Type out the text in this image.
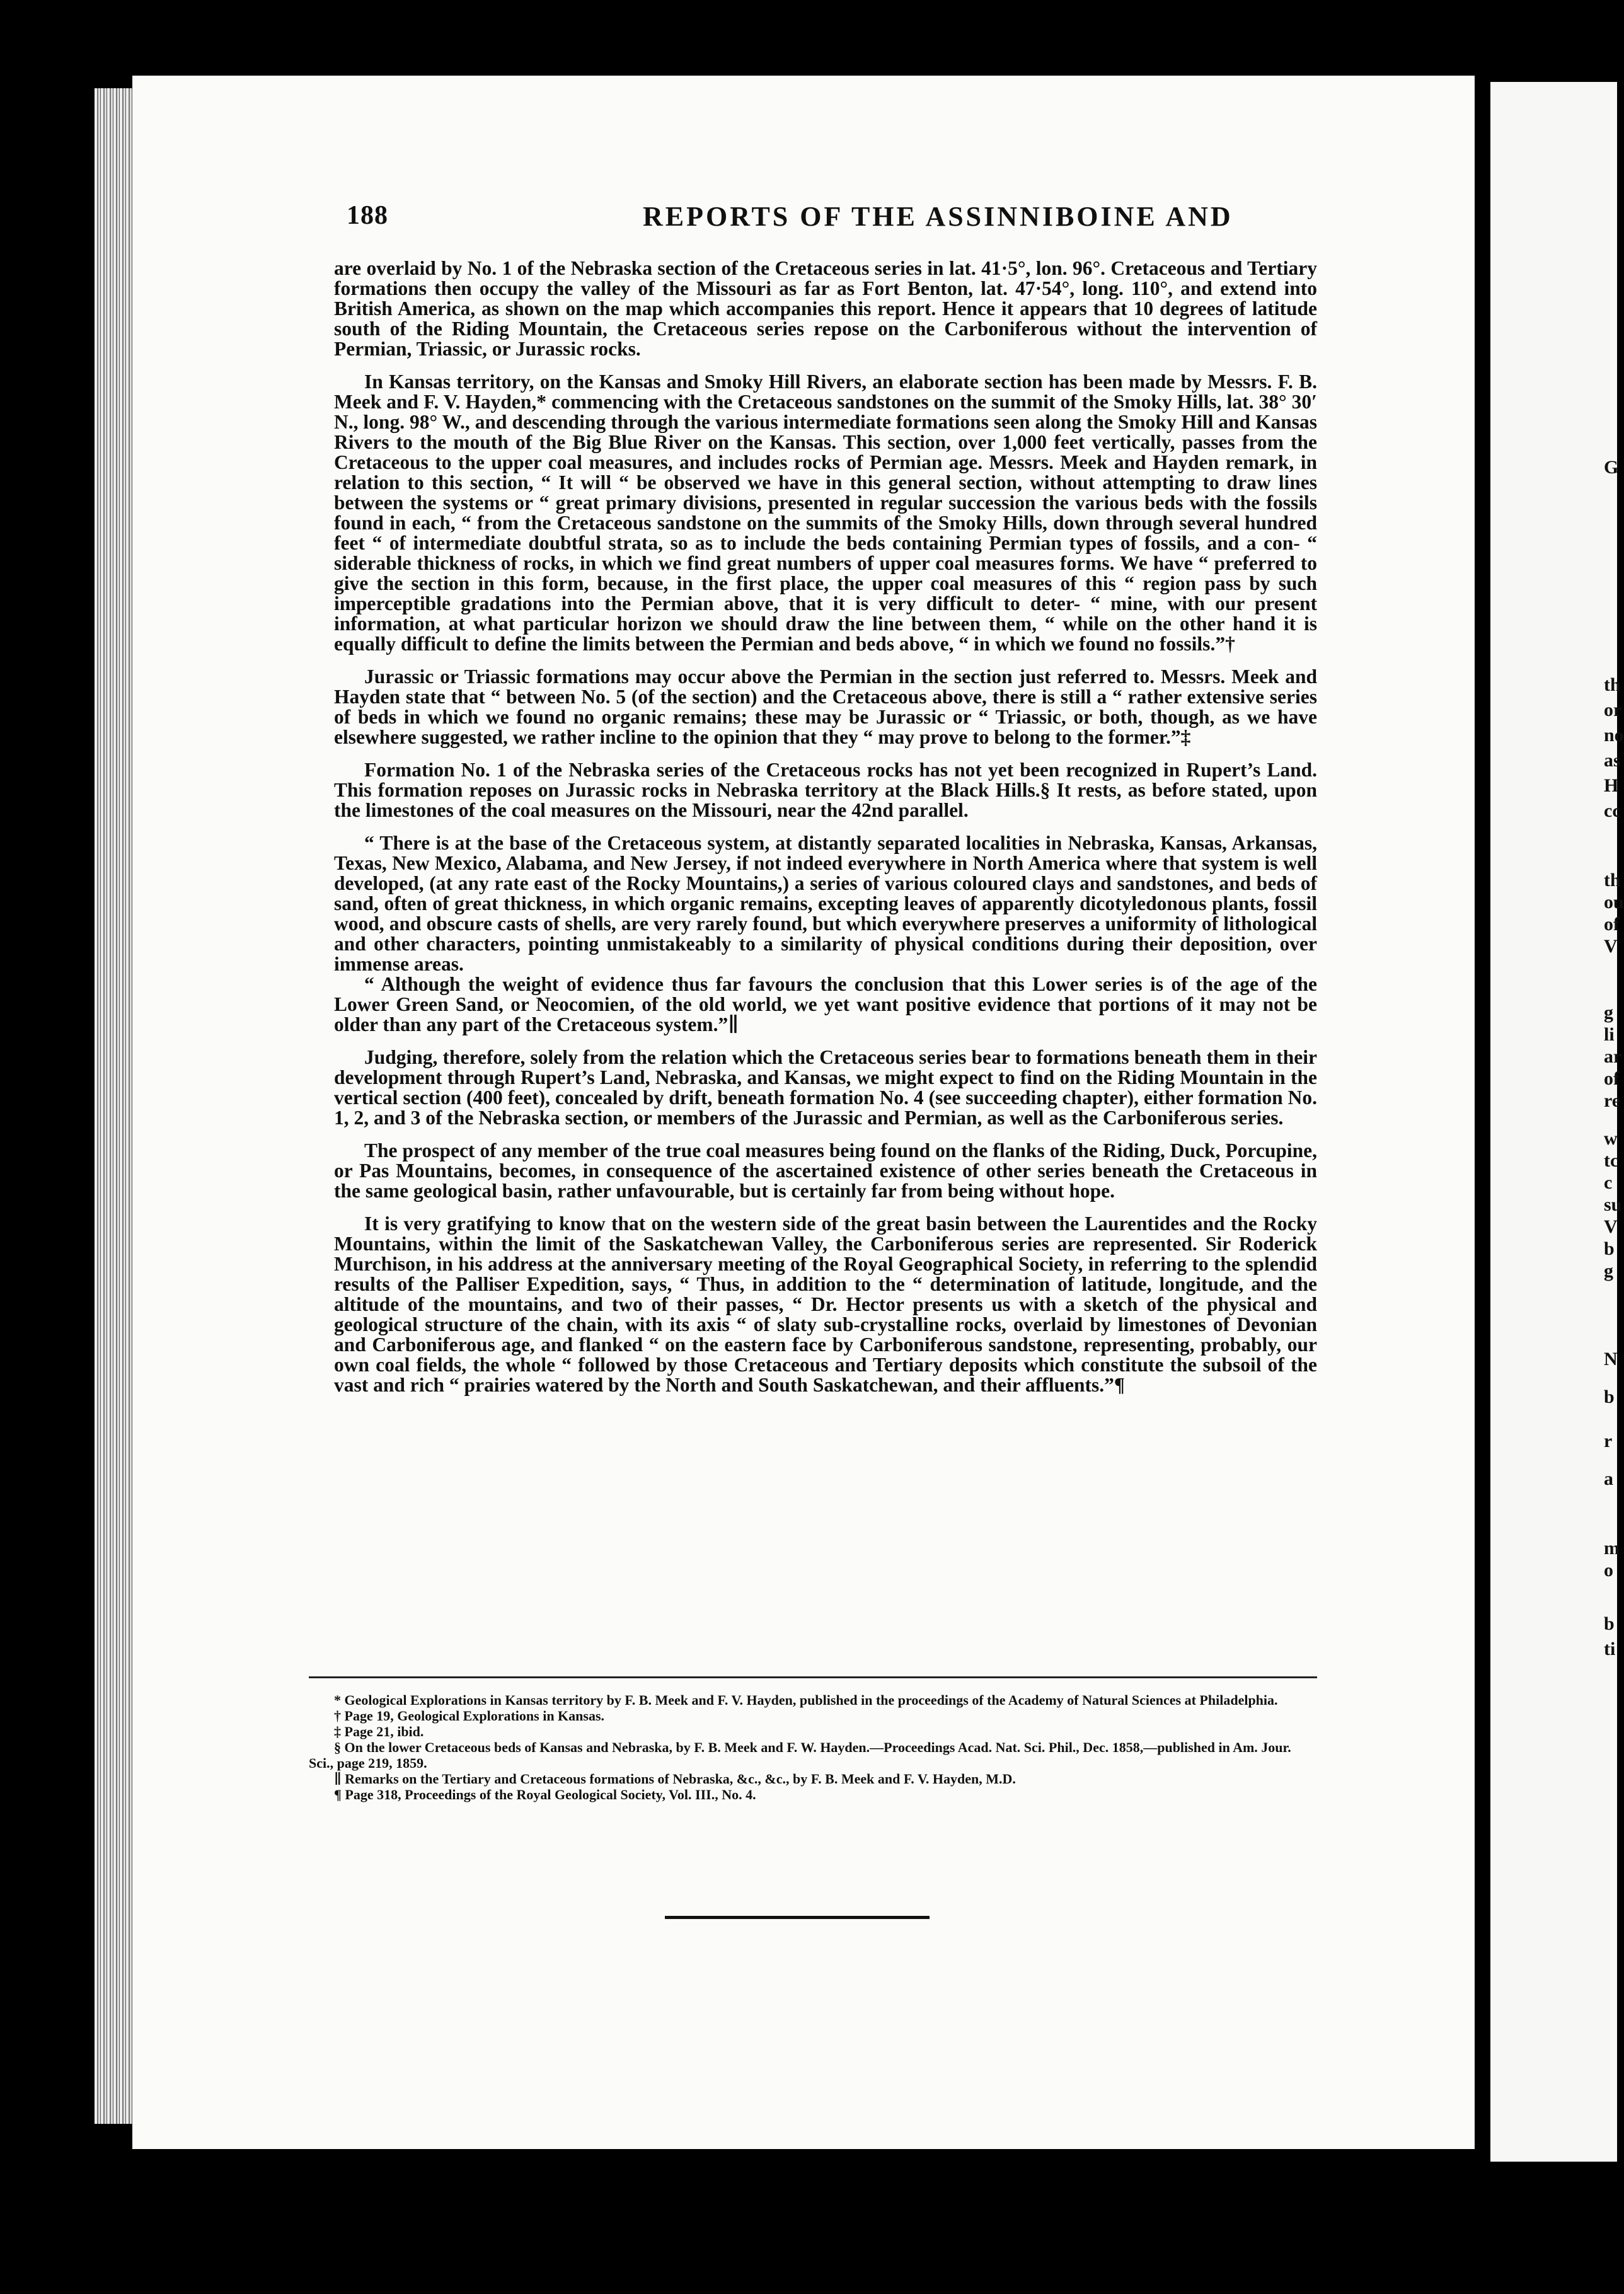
188	REPORTS OF THE ASSINNIBOINE AND

are overlaid by No. 1 of the Nebraska section of the Cretaceous series in lat. 41·5°, lon. 96°. Cretaceous and Tertiary formations then occupy the valley of the Missouri as far as Fort Benton, lat. 47·54°, long. 110°, and extend into British America, as shown on the map which accompanies this report. Hence it appears that 10 degrees of latitude south of the Riding Mountain, the Cretaceous series repose on the Carboniferous without the intervention of Permian, Triassic, or Jurassic rocks.

In Kansas territory, on the Kansas and Smoky Hill Rivers, an elaborate section has been made by Messrs. F. B. Meek and F. V. Hayden,* commencing with the Cretaceous sandstones on the summit of the Smoky Hills, lat. 38° 30′ N., long. 98° W., and descending through the various intermediate formations seen along the Smoky Hill and Kansas Rivers to the mouth of the Big Blue River on the Kansas. This section, over 1,000 feet vertically, passes from the Cretaceous to the upper coal measures, and includes rocks of Permian age. Messrs. Meek and Hayden remark, in relation to this section, “ It will “ be observed we have in this general section, without attempting to draw lines between the systems or “ great primary divisions, presented in regular succession the various beds with the fossils found in each, “ from the Cretaceous sandstone on the summits of the Smoky Hills, down through several hundred feet “ of intermediate doubtful strata, so as to include the beds containing Permian types of fossils, and a con- “ siderable thickness of rocks, in which we find great numbers of upper coal measures forms. We have “ preferred to give the section in this form, because, in the first place, the upper coal measures of this “ region pass by such imperceptible gradations into the Permian above, that it is very difficult to deter- “ mine, with our present information, at what particular horizon we should draw the line between them, “ while on the other hand it is equally difficult to define the limits between the Permian and beds above, “ in which we found no fossils.”†

Jurassic or Triassic formations may occur above the Permian in the section just referred to. Messrs. Meek and Hayden state that “ between No. 5 (of the section) and the Cretaceous above, there is still a “ rather extensive series of beds in which we found no organic remains; these may be Jurassic or “ Triassic, or both, though, as we have elsewhere suggested, we rather incline to the opinion that they “ may prove to belong to the former.”‡

Formation No. 1 of the Nebraska series of the Cretaceous rocks has not yet been recognized in Rupert’s Land. This formation reposes on Jurassic rocks in Nebraska territory at the Black Hills.§ It rests, as before stated, upon the limestones of the coal measures on the Missouri, near the 42nd parallel.

“ There is at the base of the Cretaceous system, at distantly separated localities in Nebraska, Kansas, Arkansas, Texas, New Mexico, Alabama, and New Jersey, if not indeed everywhere in North America where that system is well developed, (at any rate east of the Rocky Mountains,) a series of various coloured clays and sandstones, and beds of sand, often of great thickness, in which organic remains, excepting leaves of apparently dicotyledonous plants, fossil wood, and obscure casts of shells, are very rarely found, but which everywhere preserves a uniformity of lithological and other characters, pointing unmistakeably to a similarity of physical conditions during their deposition, over immense areas.

“ Although the weight of evidence thus far favours the conclusion that this Lower series is of the age of the Lower Green Sand, or Neocomien, of the old world, we yet want positive evidence that portions of it may not be older than any part of the Cretaceous system.”∥

Judging, therefore, solely from the relation which the Cretaceous series bear to formations beneath them in their development through Rupert’s Land, Nebraska, and Kansas, we might expect to find on the Riding Mountain in the vertical section (400 feet), concealed by drift, beneath formation No. 4 (see succeeding chapter), either formation No. 1, 2, and 3 of the Nebraska section, or members of the Jurassic and Permian, as well as the Carboniferous series.

The prospect of any member of the true coal measures being found on the flanks of the Riding, Duck, Porcupine, or Pas Mountains, becomes, in consequence of the ascertained existence of other series beneath the Cretaceous in the same geological basin, rather unfavourable, but is certainly far from being without hope.

It is very gratifying to know that on the western side of the great basin between the Laurentides and the Rocky Mountains, within the limit of the Saskatchewan Valley, the Carboniferous series are represented. Sir Roderick Murchison, in his address at the anniversary meeting of the Royal Geographical Society, in referring to the splendid results of the Palliser Expedition, says, “ Thus, in addition to the “ determination of latitude, longitude, and the altitude of the mountains, and two of their passes, “ Dr. Hector presents us with a sketch of the physical and geological structure of the chain, with its axis “ of slaty sub-crystalline rocks, overlaid by limestones of Devonian and Carboniferous age, and flanked “ on the eastern face by Carboniferous sandstone, representing, probably, our own coal fields, the whole “ followed by those Cretaceous and Tertiary deposits which constitute the subsoil of the vast and rich “ prairies watered by the North and South Saskatchewan, and their affluents.”¶

* Geological Explorations in Kansas territory by F. B. Meek and F. V. Hayden, published in the proceedings of the Academy of Natural Sciences at Philadelphia.

† Page 19, Geological Explorations in Kansas.

‡ Page 21, ibid.

§ On the lower Cretaceous beds of Kansas and Nebraska, by F. B. Meek and F. W. Hayden.—Proceedings Acad. Nat. Sci. Phil., Dec. 1858,—published in Am. Jour. Sci., page 219, 1859.

∥ Remarks on the Tertiary and Cretaceous formations of Nebraska, &c., &c., by F. B. Meek and F. V. Hayden, M.D.

¶ Page 318, Proceedings of the Royal Geological Society, Vol. III., No. 4.

G
th
or
no
as
H
cc
th
ou
of
V
g
li
ar
of
re
w
tc
c
su
V
b
g
N
b
r
a
m
o
b
ti
